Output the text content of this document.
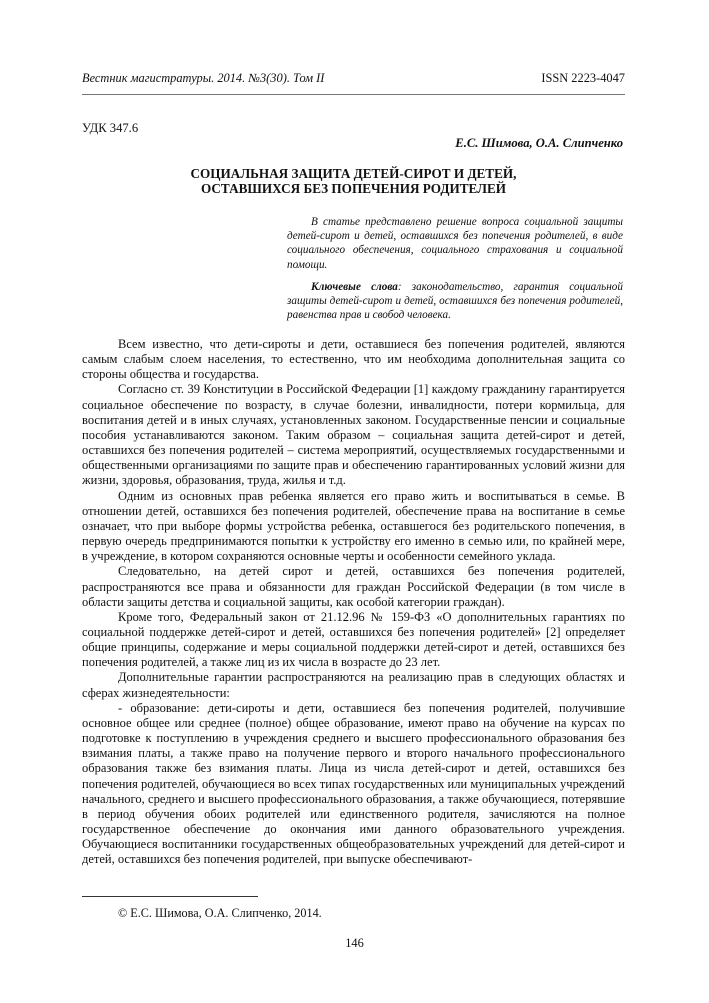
Вестник магистратуры. 2014. №3(30). Том II	ISSN 2223-4047
УДК 347.6
Е.С. Шимова, О.А. Слипченко
СОЦИАЛЬНАЯ ЗАЩИТА ДЕТЕЙ-СИРОТ И ДЕТЕЙ,
ОСТАВШИХСЯ БЕЗ ПОПЕЧЕНИЯ РОДИТЕЛЕЙ

В статье представлено решение вопроса социальной защиты детей-сирот и детей, оставшихся без попечения родителей, в виде социального обеспечения, социального страхования и социальной помощи.

Ключевые слова: законодательство, гарантия социальной защиты детей-сирот и детей, оставшихся без попечения родителей, равенства прав и свобод человека.

Всем известно, что дети-сироты и дети, оставшиеся без попечения родителей, являются самым слабым слоем населения, то естественно, что им необходима дополнительная защита со стороны общества и государства.

Согласно ст. 39 Конституции в Российской Федерации [1] каждому гражданину гарантируется социальное обеспечение по возрасту, в случае болезни, инвалидности, потери кормильца, для воспитания детей и в иных случаях, установленных законом. Государственные пенсии и социальные пособия устанавливаются законом. Таким образом – социальная защита детей-сирот и детей, оставшихся без попечения родителей – система мероприятий, осуществляемых государственными и общественными организациями по защите прав и обеспечению гарантированных условий жизни для жизни, здоровья, образования, труда, жилья и т.д.

Одним из основных прав ребенка является его право жить и воспитываться в семье. В отношении детей, оставшихся без попечения родителей, обеспечение права на воспитание в семье означает, что при выборе формы устройства ребенка, оставшегося без родительского попечения, в первую очередь предпринимаются попытки к устройству его именно в семью или, по крайней мере, в учреждение, в котором сохраняются основные черты и особенности семейного уклада.

Следовательно, на детей сирот и детей, оставшихся без попечения родителей, распространяются все права и обязанности для граждан Российской Федерации (в том числе в области защиты детства и социальной защиты, как особой категории граждан).

Кроме того, Федеральный закон от 21.12.96 № 159-ФЗ «О дополнительных гарантиях по социальной поддержке детей-сирот и детей, оставшихся без попечения родителей» [2] определяет общие принципы, содержание и меры социальной поддержки детей-сирот и детей, оставшихся без попечения родителей, а также лиц из их числа в возрасте до 23 лет.

Дополнительные гарантии распространяются на реализацию прав в следующих областях и сферах жизнедеятельности:

- образование: дети-сироты и дети, оставшиеся без попечения родителей, получившие основное общее или среднее (полное) общее образование, имеют право на обучение на курсах по подготовке к поступлению в учреждения среднего и высшего профессионального образования без взимания платы, а также право на получение первого и второго начального профессионального образования также без взимания платы. Лица из числа детей-сирот и детей, оставшихся без попечения родителей, обучающиеся во всех типах государственных или муниципальных учреждений начального, среднего и высшего профессионального образования, а также обучающиеся, потерявшие в период обучения обоих родителей или единственного родителя, зачисляются на полное государственное обеспечение до окончания ими данного образовательного учреждения. Обучающиеся воспитанники государственных общеобразовательных учреждений для детей-сирот и детей, оставшихся без попечения родителей, при выпуске обеспечивают-

© Е.С. Шимова, О.А. Слипченко, 2014.
146
